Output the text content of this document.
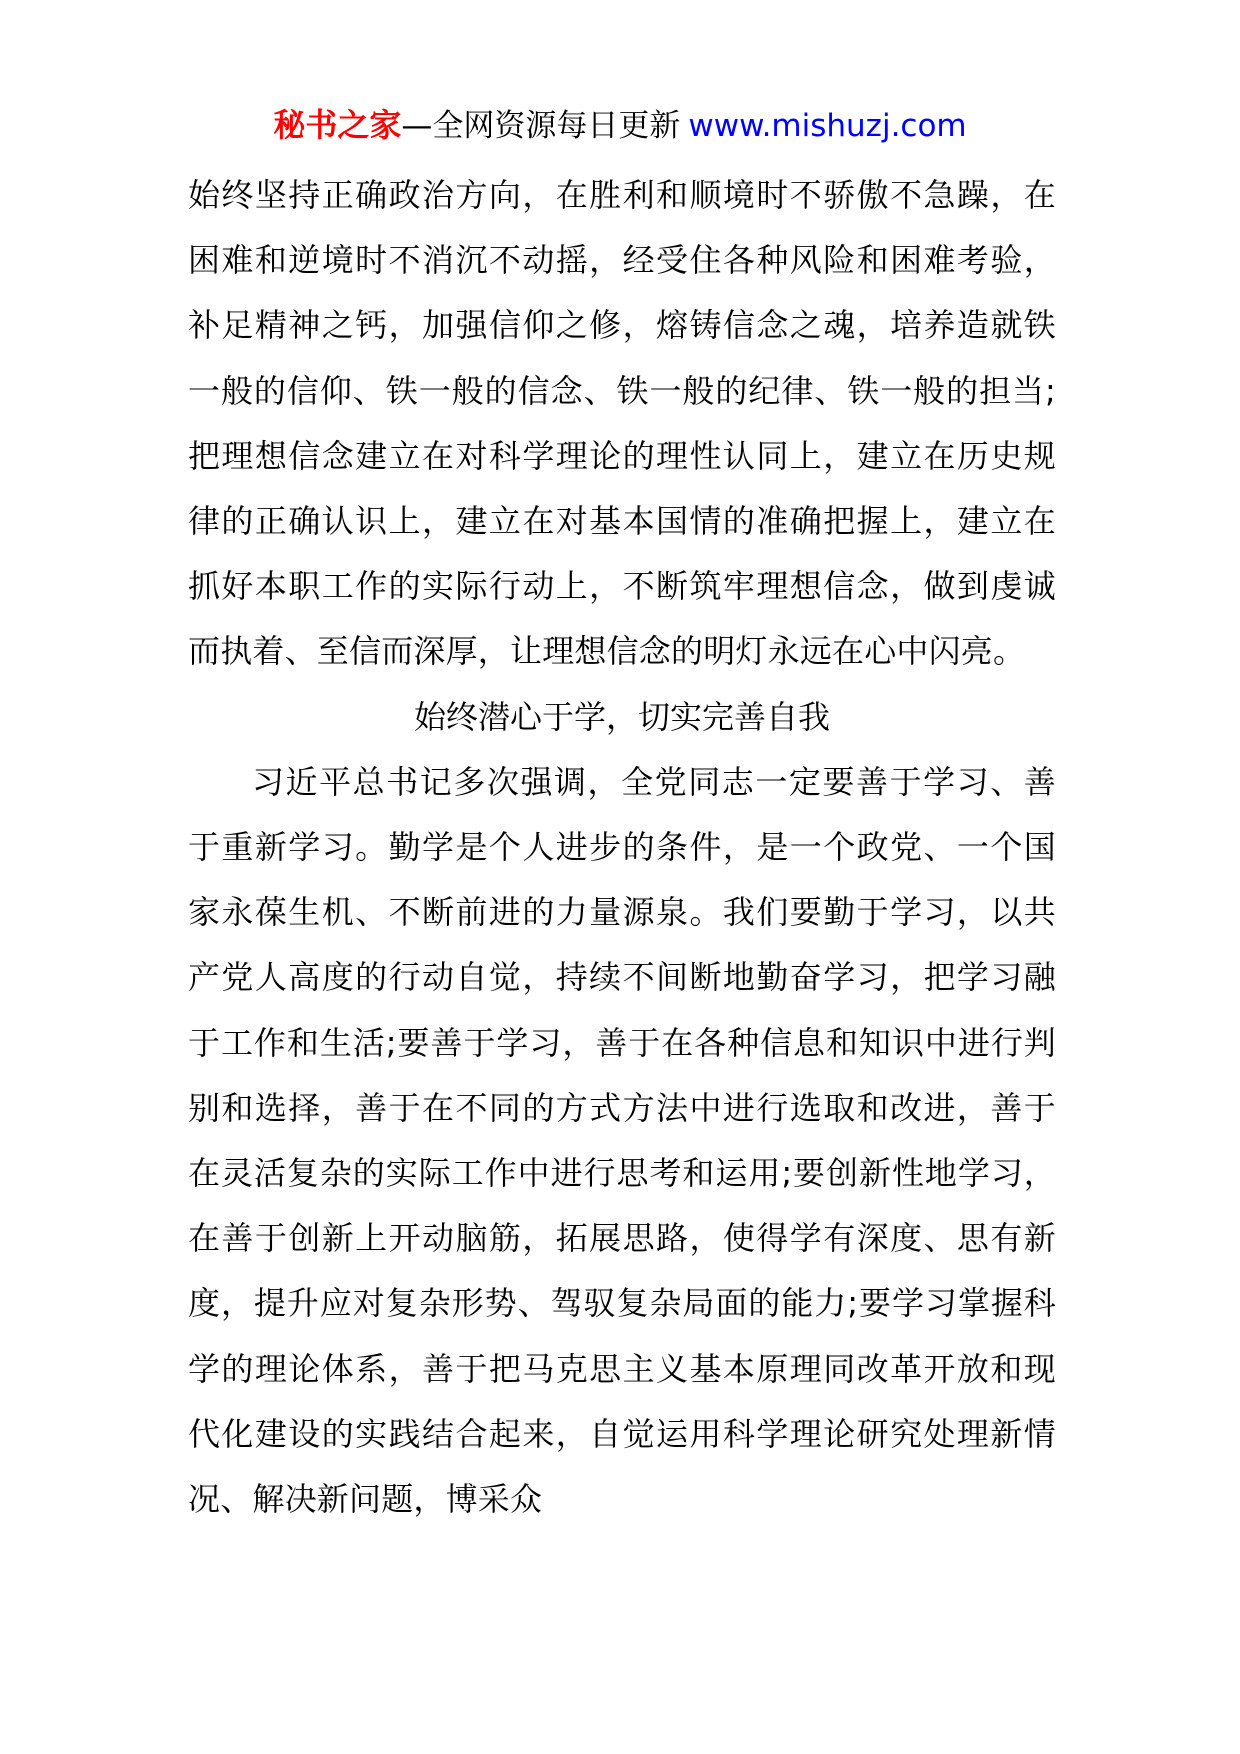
秘书之家—全网资源每日更新 www.mishuzj.com

始终坚持正确政治方向，在胜利和顺境时不骄傲不急躁，在困难和逆境时不消沉不动摇，经受住各种风险和困难考验，补足精神之钙，加强信仰之修，熔铸信念之魂，培养造就铁一般的信仰、铁一般的信念、铁一般的纪律、铁一般的担当;把理想信念建立在对科学理论的理性认同上，建立在历史规律的正确认识上，建立在对基本国情的准确把握上，建立在抓好本职工作的实际行动上，不断筑牢理想信念，做到虔诚而执着、至信而深厚，让理想信念的明灯永远在心中闪亮。

始终潜心于学，切实完善自我

习近平总书记多次强调，全党同志一定要善于学习、善于重新学习。勤学是个人进步的条件，是一个政党、一个国家永葆生机、不断前进的力量源泉。我们要勤于学习，以共产党人高度的行动自觉，持续不间断地勤奋学习，把学习融于工作和生活;要善于学习，善于在各种信息和知识中进行判别和选择，善于在不同的方式方法中进行选取和改进，善于在灵活复杂的实际工作中进行思考和运用;要创新性地学习，在善于创新上开动脑筋，拓展思路，使得学有深度、思有新度，提升应对复杂形势、驾驭复杂局面的能力;要学习掌握科学的理论体系，善于把马克思主义基本原理同改革开放和现代化建设的实践结合起来，自觉运用科学理论研究处理新情况、解决新问题，博采众
